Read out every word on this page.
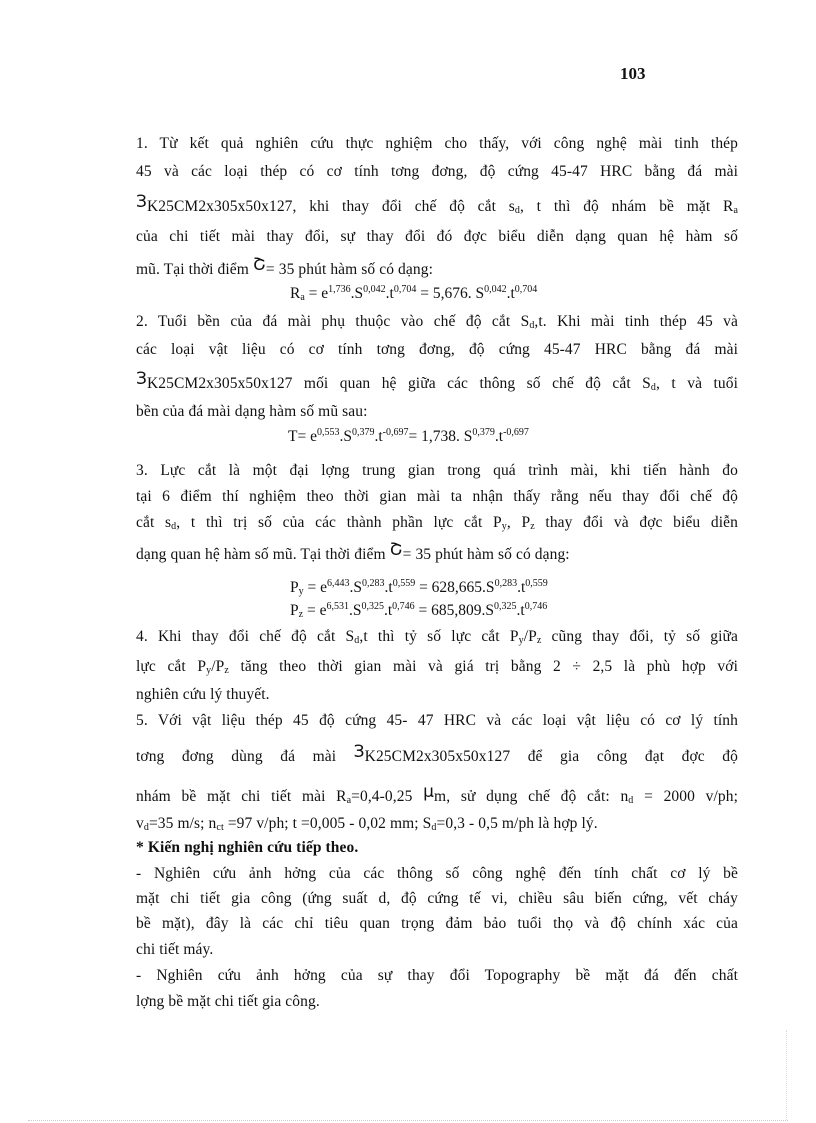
103
1. Từ kết quả nghiên cứu thực nghiệm cho thấy, với công nghệ mài tinh thép
45 và các loại thép có cơ tính tơng đơng, độ cứng 45-47 HRC bằng đá mài
ЗK25CM2x305x50x127, khi thay đổi chế độ cắt $s_d$, t thì độ nhám bề mặt $R_a$
của chi tiết mài thay đổi, sự thay đổi đó đợc biểu diễn dạng quan hệ hàm số
mũ. Tại thời điểm Շ= 35 phút hàm số có dạng:
$R_a = e^{1,736}.S^{0,042}.t^{0,704} = 5,676$. $S^{0,042}.t^{0,704}$
2. Tuổi bền của đá mài phụ thuộc vào chế độ cắt $S_d,t$. Khi mài tinh thép 45 và
các loại vật liệu có cơ tính tơng đơng, độ cứng 45-47 HRC bằng đá mài
ЗK25CM2x305x50x127 mối quan hệ giữa các thông số chế độ cắt $S_d$, t và tuổi
bền của đá mài dạng hàm số mũ sau:
$T= e^{0,553}.S^{0,379}.t^{-0,697}= 1,738$. $S^{0,379}.t^{-0,697}$
3. Lực cắt là một đại lợng trung gian trong quá trình mài, khi tiến hành đo
tại 6 điểm thí nghiệm theo thời gian mài ta nhận thấy rằng nếu thay đổi chế độ
cắt $s_d$, t thì trị số của các thành phần lực cắt $P_y$, $P_z$ thay đổi và đợc biểu diễn
dạng quan hệ hàm số mũ. Tại thời điểm Շ= 35 phút hàm số có dạng:
$P_y = e^{6,443}.S^{0,283}.t^{0,559} = 628,665.S^{0,283}.t^{0,559}$
$P_z = e^{6,531}.S^{0,325}.t^{0,746} = 685,809.S^{0,325}.t^{0,746}$
4. Khi thay đổi chế độ cắt $S_d,t$ thì tỷ số lực cắt $P_y/P_z$ cũng thay đổi, tỷ số giữa
lực cắt $P_y/P_z$ tăng theo thời gian mài và giá trị bằng 2 ÷ 2,5 là phù hợp với
nghiên cứu lý thuyết.
5. Với vật liệu thép 45 độ cứng 45- 47 HRC và các loại vật liệu có cơ lý tính
tơng đơng dùng đá mài ЗK25CM2x305x50x127 để gia công đạt đợc độ
nhám bề mặt chi tiết mài $R_a=0,4-0,25$ µm, sử dụng chế độ cắt: $n_d = 2000$ v/ph;
$v_d=35$ m/s; $n_{ct} =97$ v/ph; t =0,005 - 0,02 mm; $S_d=0,3 - 0,5$ m/ph là hợp lý.
* Kiến nghị nghiên cứu tiếp theo.
- Nghiên cứu ảnh hởng của các thông số công nghệ đến tính chất cơ lý bề
mặt chi tiết gia công (ứng suất d, độ cứng tế vi, chiều sâu biến cứng, vết cháy
bề mặt), đây là các chỉ tiêu quan trọng đảm bảo tuổi thọ và độ chính xác của
chi tiết máy.
- Nghiên cứu ảnh hởng của sự thay đổi Topography bề mặt đá đến chất
lợng bề mặt chi tiết gia công.
